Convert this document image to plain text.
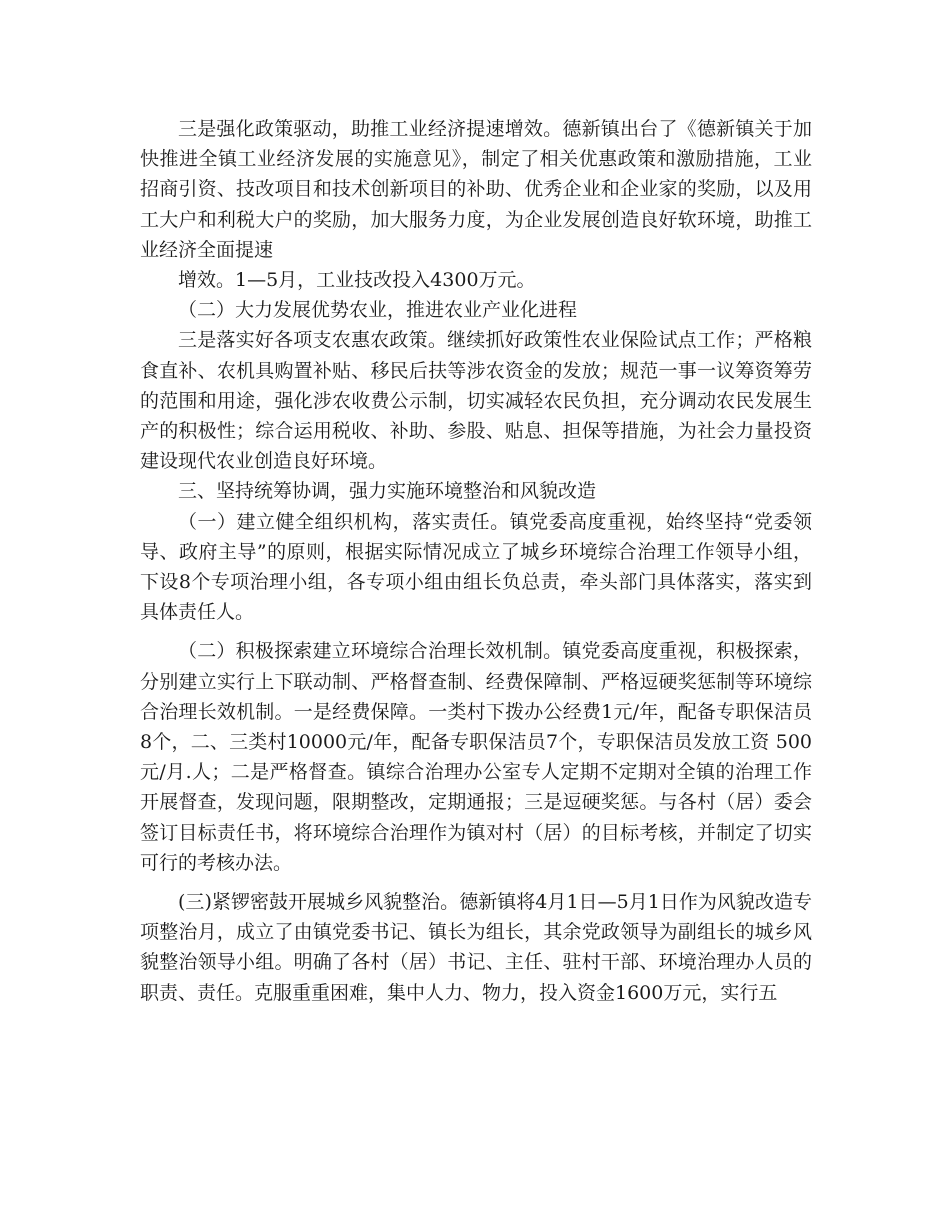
三是强化政策驱动，助推工业经济提速增效。德新镇出台了《德新镇关于加快推进全镇工业经济发展的实施意见》，制定了相关优惠政策和激励措施，工业招商引资、技改项目和技术创新项目的补助、优秀企业和企业家的奖励，以及用工大户和利税大户的奖励，加大服务力度，为企业发展创造良好软环境，助推工业经济全面提速

增效。1—5月，工业技改投入4300万元。

（二）大力发展优势农业，推进农业产业化进程

三是落实好各项支农惠农政策。继续抓好政策性农业保险试点工作；严格粮食直补、农机具购置补贴、移民后扶等涉农资金的发放；规范一事一议筹资筹劳的范围和用途，强化涉农收费公示制，切实减轻农民负担，充分调动农民发展生产的积极性；综合运用税收、补助、参股、贴息、担保等措施，为社会力量投资建设现代农业创造良好环境。

三、坚持统筹协调，强力实施环境整治和风貌改造

（一）建立健全组织机构，落实责任。镇党委高度重视，始终坚持“党委领导、政府主导”的原则，根据实际情况成立了城乡环境综合治理工作领导小组，下设8个专项治理小组，各专项小组由组长负总责，牵头部门具体落实，落实到具体责任人。

（二）积极探索建立环境综合治理长效机制。镇党委高度重视，积极探索，分别建立实行上下联动制、严格督查制、经费保障制、严格逗硬奖惩制等环境综合治理长效机制。一是经费保障。一类村下拨办公经费1元/年，配备专职保洁员8个，二、三类村10000元/年，配备专职保洁员7个，专职保洁员发放工资 500元/月.人；二是严格督查。镇综合治理办公室专人定期不定期对全镇的治理工作开展督查，发现问题，限期整改，定期通报；三是逗硬奖惩。与各村（居）委会签订目标责任书，将环境综合治理作为镇对村（居）的目标考核，并制定了切实可行的考核办法。

(三)紧锣密鼓开展城乡风貌整治。德新镇将4月1日—5月1日作为风貌改造专项整治月，成立了由镇党委书记、镇长为组长，其余党政领导为副组长的城乡风貌整治领导小组。明确了各村（居）书记、主任、驻村干部、环境治理办人员的职责、责任。克服重重困难，集中人力、物力，投入资金1600万元，实行五
